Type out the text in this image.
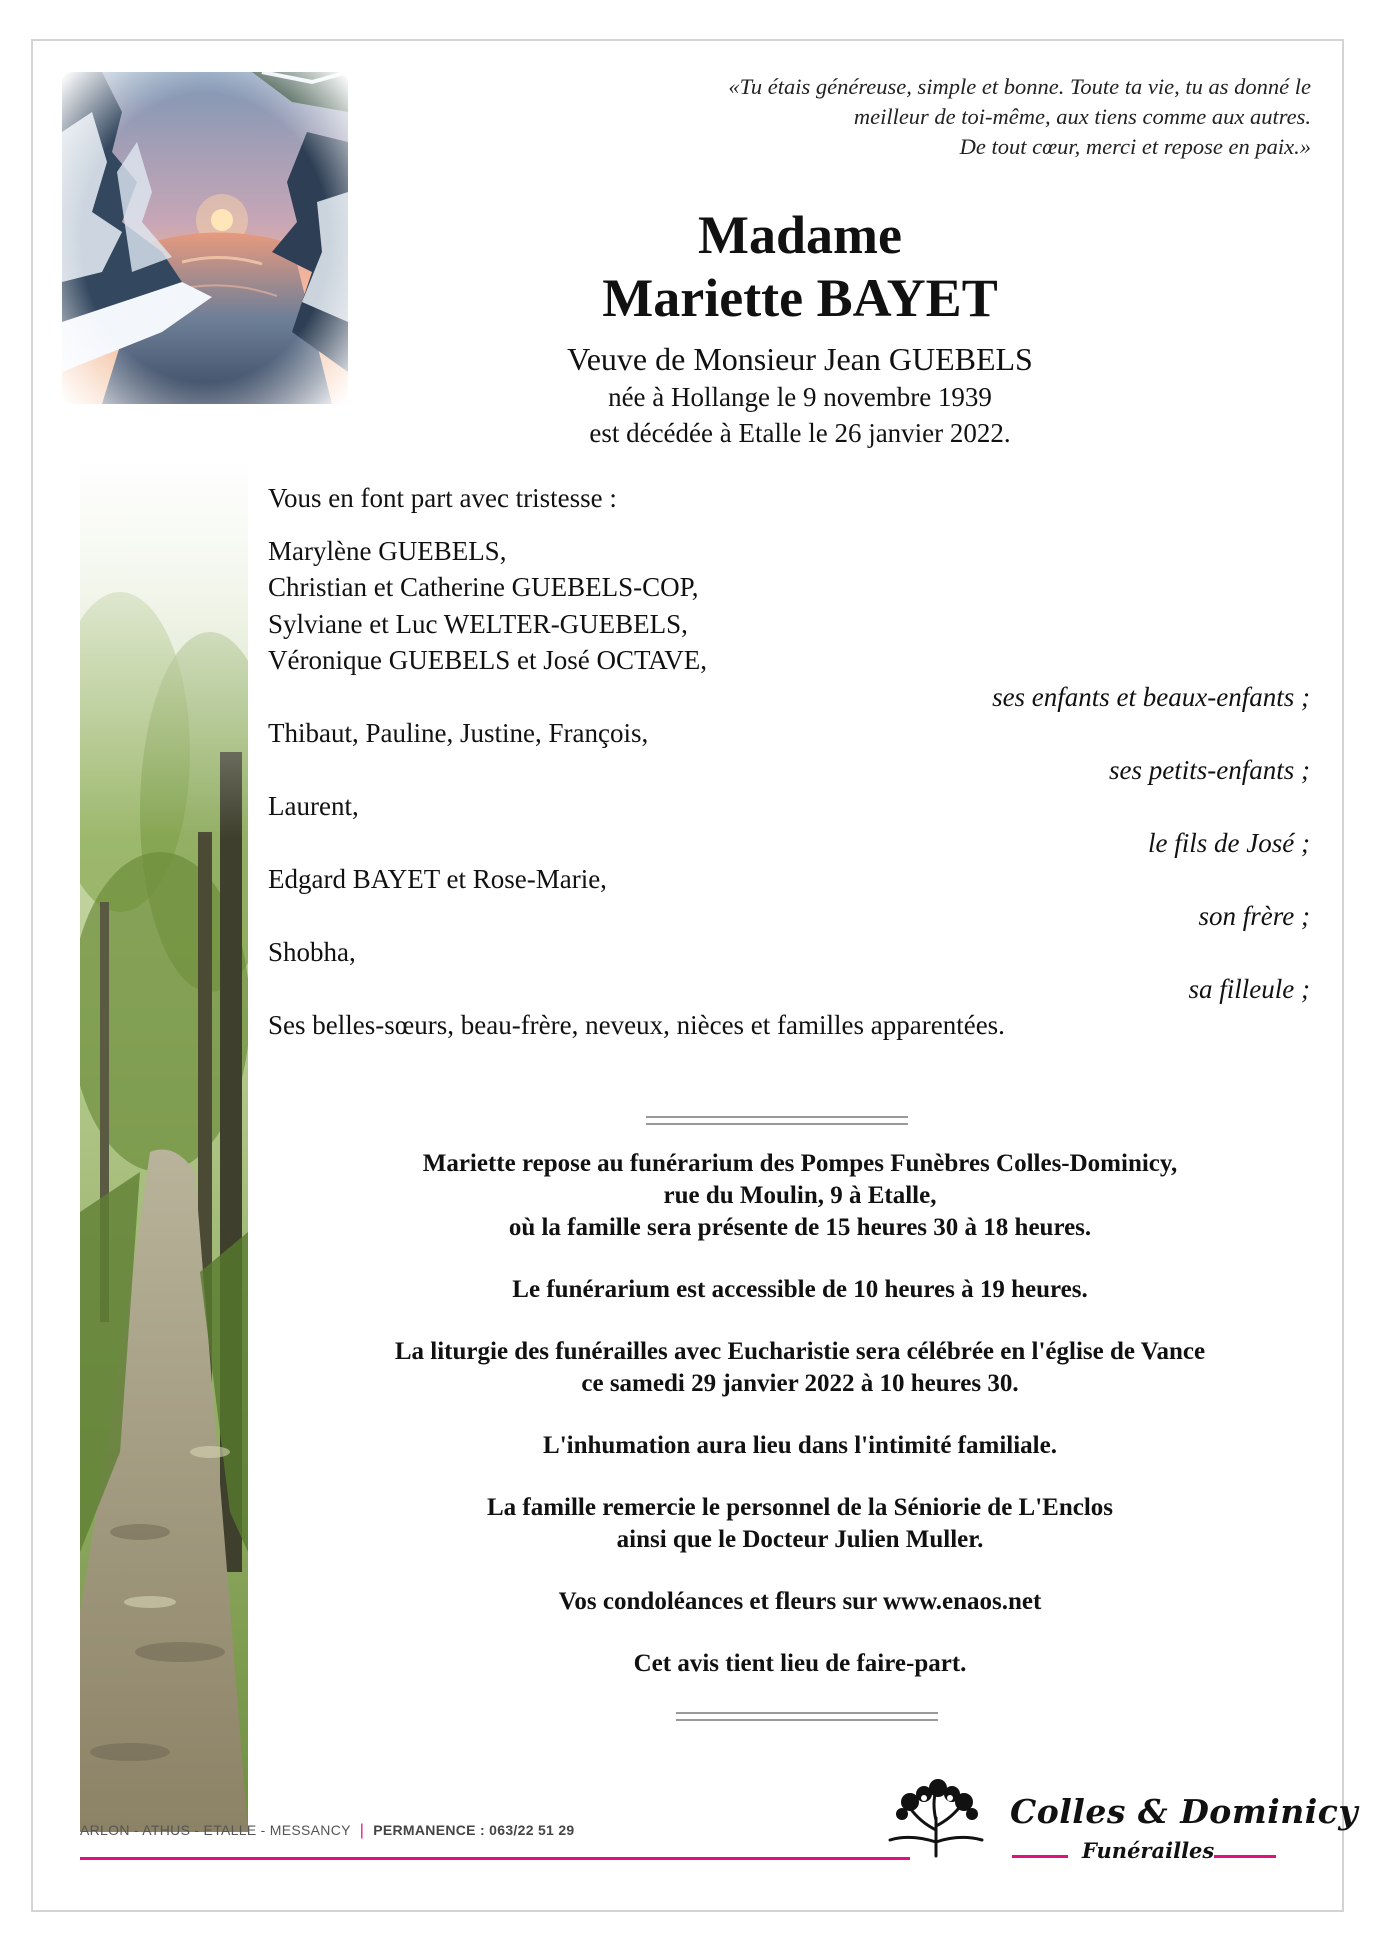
«Tu étais généreuse, simple et bonne. Toute ta vie, tu as donné le
meilleur de toi-même, aux tiens comme aux autres.
De tout cœur, merci et repose en paix.»
Madame
Mariette BAYET
Veuve de Monsieur Jean GUEBELS
née à Hollange le 9 novembre 1939
est décédée à Etalle le 26 janvier 2022.

Vous en font part avec tristesse :

Marylène GUEBELS,

Christian et Catherine GUEBELS-COP,

Sylviane et Luc WELTER-GUEBELS,

Véronique GUEBELS et José OCTAVE,

ses enfants et beaux-enfants ;

Thibaut, Pauline, Justine, François,

ses petits-enfants ;

Laurent,

le fils de José ;

Edgard BAYET et Rose-Marie,

son frère ;

Shobha,

sa filleule ;

Ses belles-sœurs, beau-frère, neveux, nièces et familles apparentées.

Mariette repose au funérarium des Pompes Funèbres Colles-Dominicy,
rue du Moulin, 9 à Etalle,
où la famille sera présente de 15 heures 30 à 18 heures.

Le funérarium est accessible de 10 heures à 19 heures.

La liturgie des funérailles avec Eucharistie sera célébrée en l'église de Vance
ce samedi 29 janvier 2022 à 10 heures 30.

L'inhumation aura lieu dans l'intimité familiale.

La famille remercie le personnel de la Séniorie de L'Enclos
ainsi que le Docteur Julien Muller.

Vos condoléances et fleurs sur www.enaos.net

Cet avis tient lieu de faire-part.

ARLON - ATHUS - ETALLE - MESSANCY | PERMANENCE : 063/22 51 29	Colles & Dominicy
Funérailles
